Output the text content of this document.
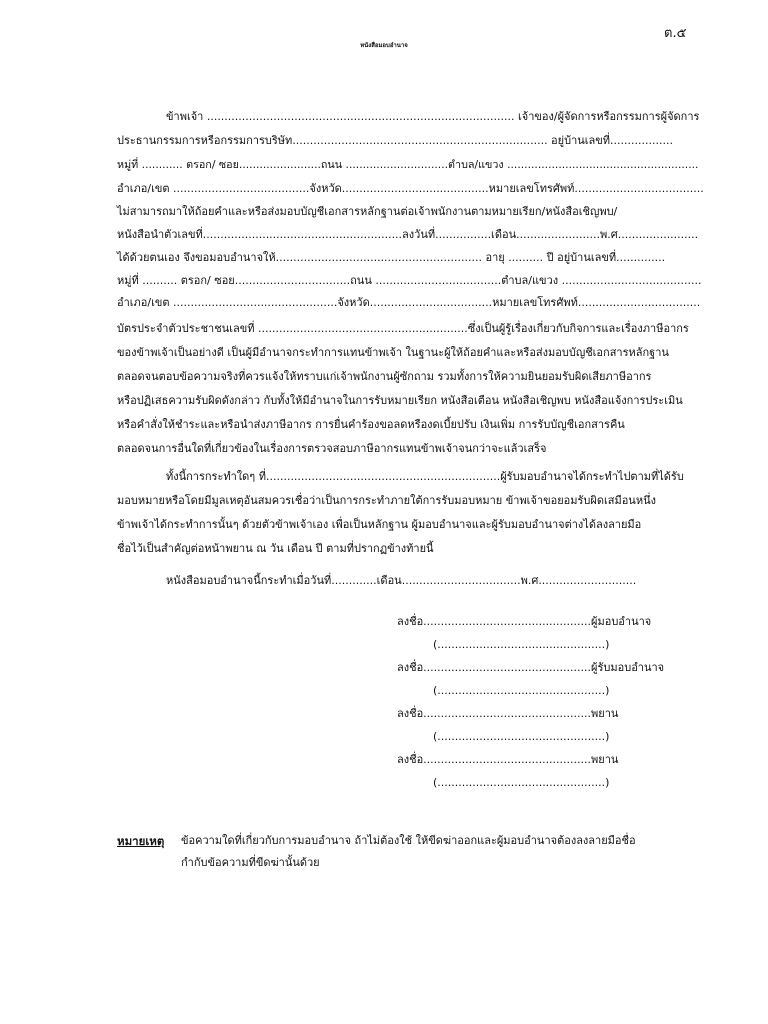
ต.๕
หนังสือมอบอำนาจ
ข้าพเจ้า ........................................................................................ เจ้าของ/ผู้จัดการหรือกรรมการผู้จัดการ
ประธานกรรมการหรือกรรมการบริษัท......................................................................... อยู่บ้านเลขที่..................
หมู่ที่ ............ ตรอก/ ซอย........................ถนน ..............................ตำบล/แขวง ........................................................
อำเภอ/เขต .......................................จังหวัด..........................................หมายเลขโทรศัพท์.....................................
ไม่สามารถมาให้ถ้อยคำและหรือส่งมอบบัญชีเอกสารหลักฐานต่อเจ้าพนักงานตามหมายเรียก/หนังสือเชิญพบ/
หนังสือนำตัวเลขที่.........................................................ลงวันที่................เดือน........................พ.ศ.......................
ได้ด้วยตนเอง จึงขอมอบอำนาจให้........................................................... อายุ .......... ปี อยู่บ้านเลขที่..............
หมู่ที่ .......... ตรอก/ ซอย.................................ถนน ....................................ตำบล/แขวง ........................................
อำเภอ/เขต ...............................................จังหวัด...................................หมายเลขโทรศัพท์...................................
บัตรประจำตัวประชาชนเลขที่ ............................................................ซึ่งเป็นผู้รู้เรื่องเกี่ยวกับกิจการและเรื่องภาษีอากร
ของข้าพเจ้าเป็นอย่างดี เป็นผู้มีอำนาจกระทำการแทนข้าพเจ้า ในฐานะผู้ให้ถ้อยคำและหรือส่งมอบบัญชีเอกสารหลักฐาน
ตลอดจนตอบข้อความจริงที่ควรแจ้งให้ทราบแก่เจ้าพนักงานผู้ซักถาม รวมทั้งการให้ความยินยอมรับผิดเสียภาษีอากร
หรือปฏิเสธความรับผิดดังกล่าว กับทั้งให้มีอำนาจในการรับหมายเรียก หนังสือเตือน หนังสือเชิญพบ หนังสือแจ้งการประเมิน
หรือคำสั่งให้ชำระและหรือนำส่งภาษีอากร การยื่นคำร้องขอลดหรืองดเบี้ยปรับ เงินเพิ่ม การรับบัญชีเอกสารคืน
ตลอดจนการอื่นใดที่เกี่ยวข้องในเรื่องการตรวจสอบภาษีอากรแทนข้าพเจ้าจนกว่าจะแล้วเสร็จ
ทั้งนี้การกระทำใดๆ ที่...................................................................ผู้รับมอบอำนาจได้กระทำไปตามที่ได้รับ
มอบหมายหรือโดยมีมูลเหตุอันสมควรเชื่อว่าเป็นการกระทำภายใต้การรับมอบหมาย ข้าพเจ้าขอยอมรับผิดเสมือนหนึ่ง
ข้าพเจ้าได้กระทำการนั้นๆ ด้วยตัวข้าพเจ้าเอง เพื่อเป็นหลักฐาน ผู้มอบอำนาจและผู้รับมอบอำนาจต่างได้ลงลายมือ
ชื่อไว้เป็นสำคัญต่อหน้าพยาน ณ วัน เดือน ปี ตามที่ปรากฏข้างท้ายนี้
หนังสือมอบอำนาจนี้กระทำเมื่อวันที่.............เดือน..................................พ.ศ............................
ลงชื่อ................................................ผู้มอบอำนาจ
(................................................)
ลงชื่อ................................................ผู้รับมอบอำนาจ
(................................................)
ลงชื่อ................................................พยาน
(................................................)
ลงชื่อ................................................พยาน
(................................................)
หมายเหตุ ข้อความใดที่เกี่ยวกับการมอบอำนาจ ถ้าไม่ต้องใช้ ให้ขีดฆ่าออกและผู้มอบอำนาจต้องลงลายมือชื่อ
กำกับข้อความที่ขีดฆ่านั้นด้วย
